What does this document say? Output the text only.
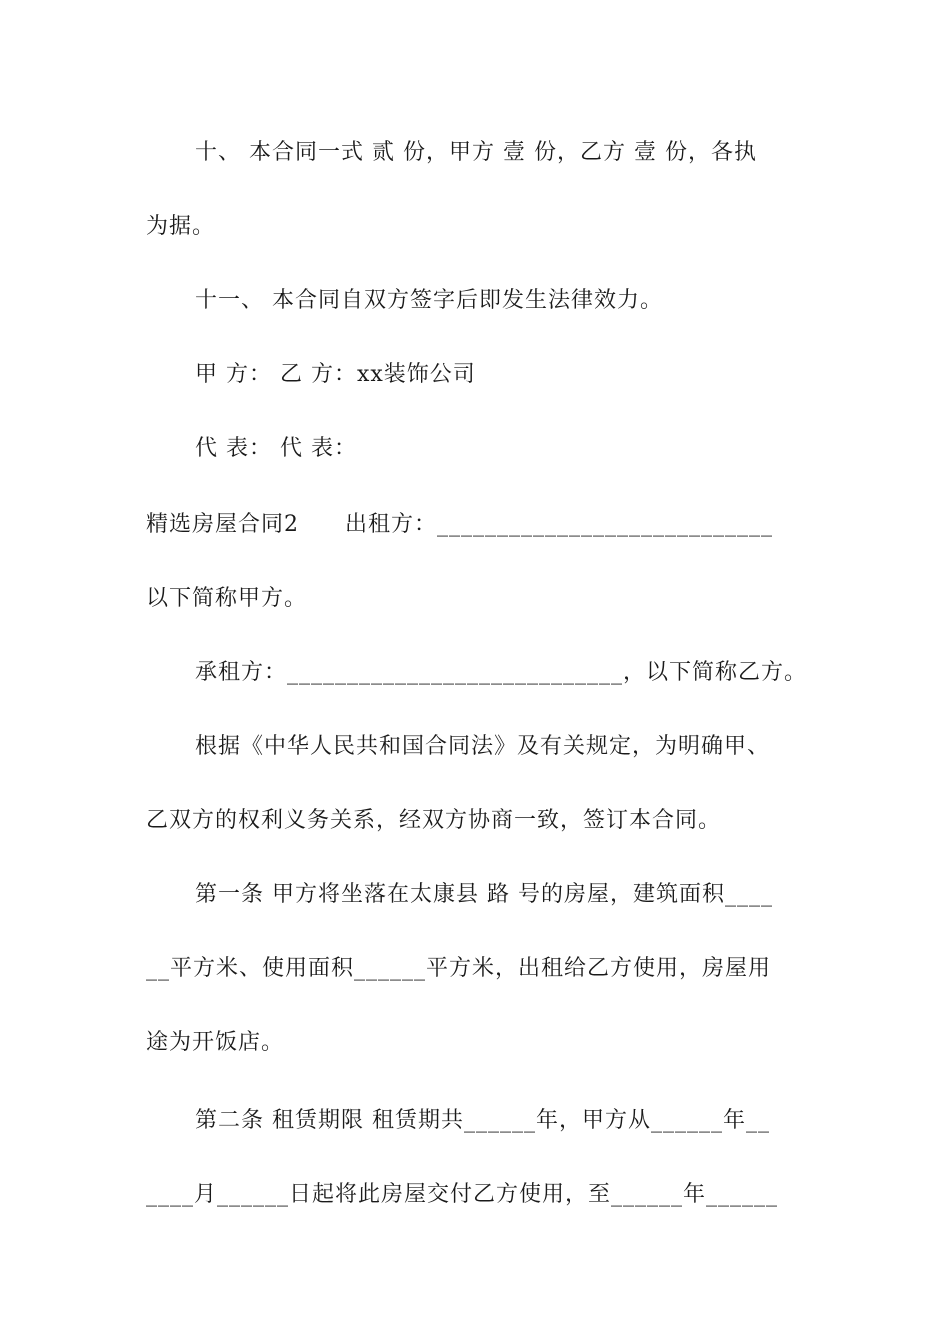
十、 本合同一式 贰 份，甲方 壹 份，乙方 壹 份，各执
为据。
十一、 本合同自双方签字后即发生法律效力。
甲 方： 乙 方：xx装饰公司
代 表： 代 表：
精选房屋合同2　　出租方：____________________________
以下简称甲方。
承租方：____________________________，以下简称乙方。
根据《中华人民共和国合同法》及有关规定，为明确甲、
乙双方的权利义务关系，经双方协商一致，签订本合同。
第一条 甲方将坐落在太康县 路 号的房屋，建筑面积____
__平方米、使用面积______平方米，出租给乙方使用，房屋用
途为开饭店。
第二条 租赁期限 租赁期共______年，甲方从______年__
____月______日起将此房屋交付乙方使用，至______年______
